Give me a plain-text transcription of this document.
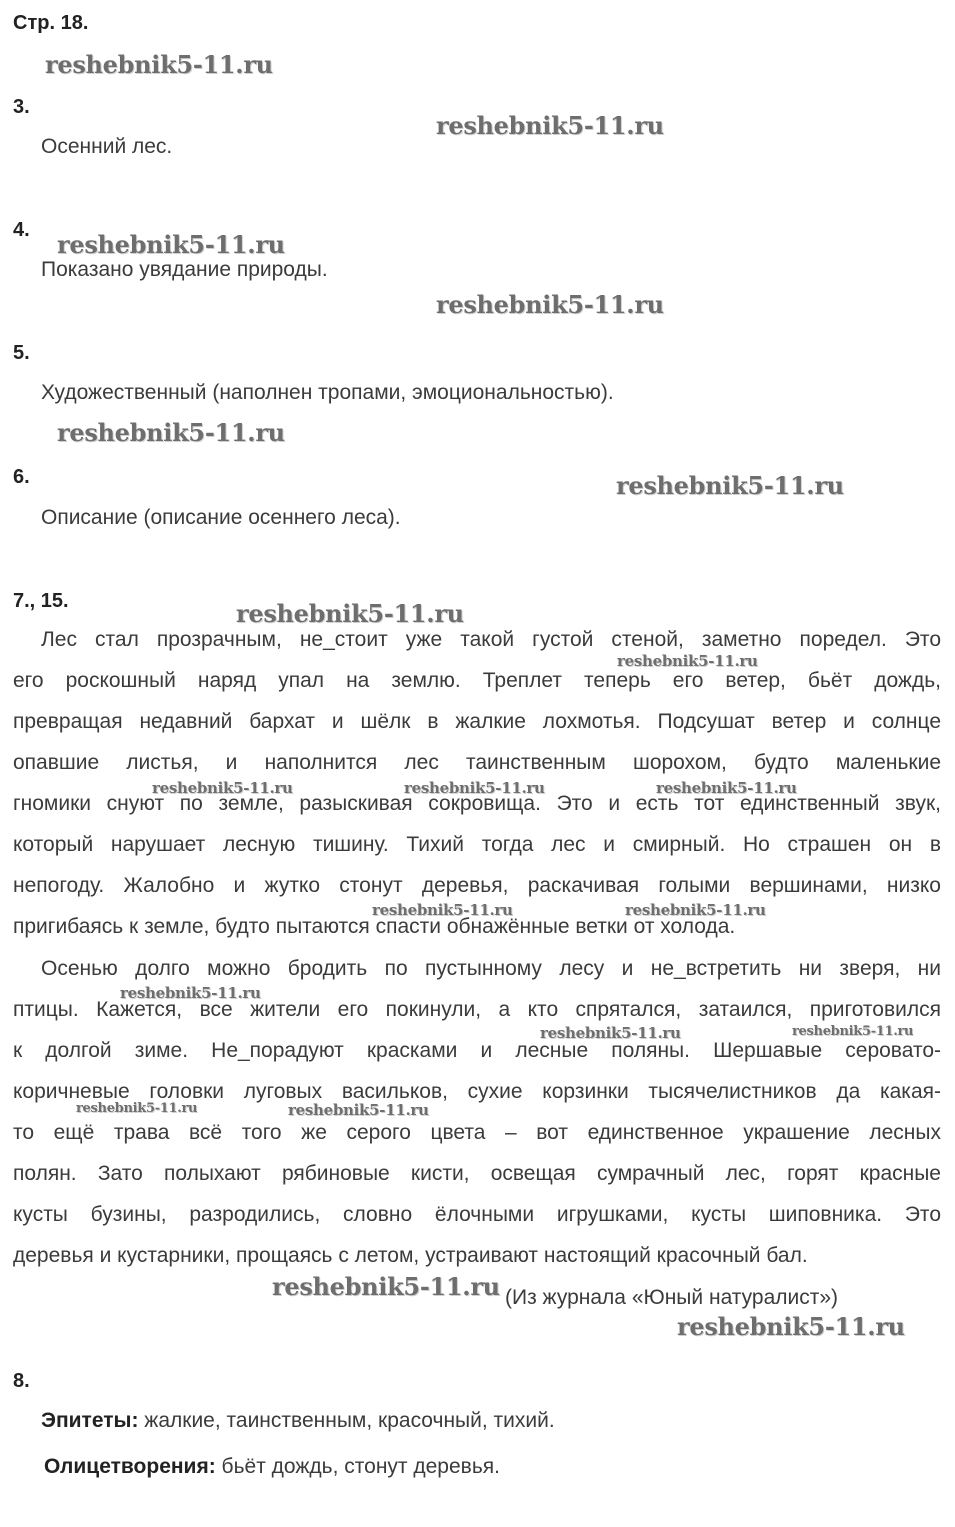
Стр. 18.
3.
Осенний лес.
4.
Показано увядание природы.
5.
Художественный (наполнен тропами, эмоциональностью).
6.
Описание (описание осеннего леса).
7., 15.
Лес стал прозрачным, не_стоит уже такой густой стеной, заметно поредел. Это
его роскошный наряд упал на землю. Треплет теперь его ветер, бьёт дождь,
превращая недавний бархат и шёлк в жалкие лохмотья. Подсушат ветер и солнце
опавшие листья, и наполнится лес таинственным шорохом, будто маленькие
гномики снуют по земле, разыскивая сокровища. Это и есть тот единственный звук,
который нарушает лесную тишину. Тихий тогда лес и смирный. Но страшен он в
непогоду. Жалобно и жутко стонут деревья, раскачивая голыми вершинами, низко
пригибаясь к земле, будто пытаются спасти обнажённые ветки от холода.
Осенью долго можно бродить по пустынному лесу и не_встретить ни зверя, ни
птицы. Кажется, все жители его покинули, а кто спрятался, затаился, приготовился
к долгой зиме. Не_порадуют красками и лесные поляны. Шершавые серовато-
коричневые головки луговых васильков, сухие корзинки тысячелистников да какая-
то ещё трава всё того же серого цвета – вот единственное украшение лесных
полян. Зато полыхают рябиновые кисти, освещая сумрачный лес, горят красные
кусты бузины, разродились, словно ёлочными игрушками, кусты шиповника. Это
деревья и кустарники, прощаясь с летом, устраивают настоящий красочный бал.
(Из журнала «Юный натуралист»)
8.
Эпитеты: жалкие, таинственным, красочный, тихий.
Олицетворения: бьёт дождь, стонут деревья.
reshebnik5-11.ru
reshebnik5-11.ru
reshebnik5-11.ru
reshebnik5-11.ru
reshebnik5-11.ru
reshebnik5-11.ru
reshebnik5-11.ru
reshebnik5-11.ru
reshebnik5-11.ru	reshebnik5-11.ru	reshebnik5-11.ru
reshebnik5-11.ru	reshebnik5-11.ru
reshebnik5-11.ru
reshebnik5-11.ru	reshebnik5-11.ru
reshebnik5-11.ru	reshebnik5-11.ru
reshebnik5-11.ru
reshebnik5-11.ru
